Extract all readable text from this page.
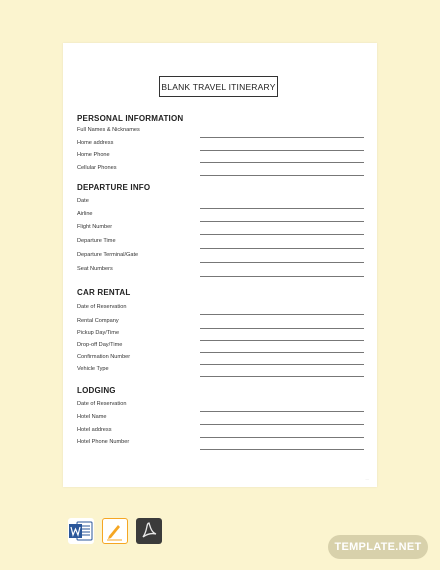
BLANK TRAVEL ITINERARY
PERSONAL INFORMATION
Full Names & Nicknames
Home address
Home Phone
Cellular Phones
DEPARTURE INFO
Date
Airline
Flight Number
Departure Time
Departure Terminal/Gate
Seat Numbers
CAR RENTAL
Date of Reservation
Rental Company
Pickup Day/Time
Drop-off Day/Time
Confirmation Number
Vehicle Type
LODGING
Date of Reservation
Hotel Name
Hotel address
Hotel Phone Number
—
TEMPLATE.NET
